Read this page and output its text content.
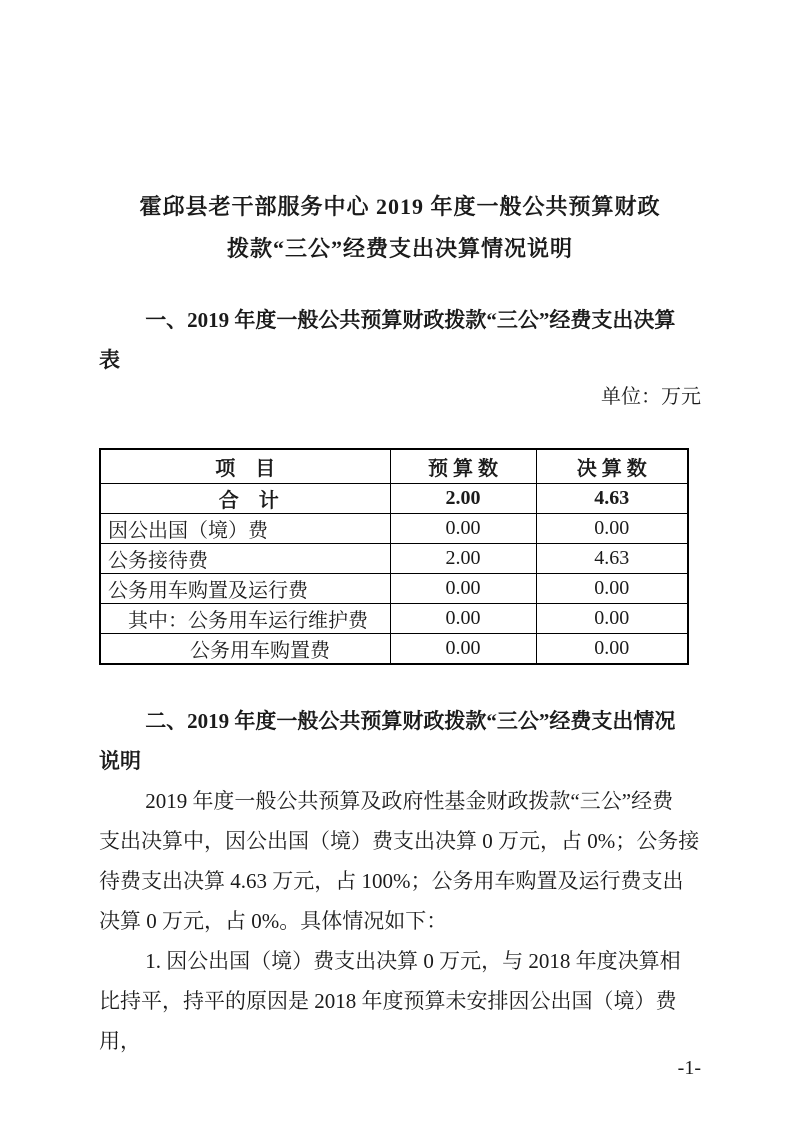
霍邱县老干部服务中心 2019 年度一般公共预算财政
拨款“三公”经费支出决算情况说明
一、2019 年度一般公共预算财政拨款“三公”经费支出决算
表
单位：万元
项　目	预 算 数	决 算 数
合　计	2.00	4.63
因公出国（境）费	0.00	0.00
公务接待费	2.00	4.63
公务用车购置及运行费	0.00	0.00
其中：公务用车运行维护费	0.00	0.00
公务用车购置费	0.00	0.00
二、2019 年度一般公共预算财政拨款“三公”经费支出情况
说明
2019 年度一般公共预算及政府性基金财政拨款“三公”经费
支出决算中，因公出国（境）费支出决算 0 万元，占 0%；公务接
待费支出决算 4.63 万元，占 100%；公务用车购置及运行费支出
决算 0 万元，占 0%。具体情况如下：
1. 因公出国（境）费支出决算 0 万元，与 2018 年度决算相
比持平，持平的原因是 2018 年度预算未安排因公出国（境）费用，
-1-
